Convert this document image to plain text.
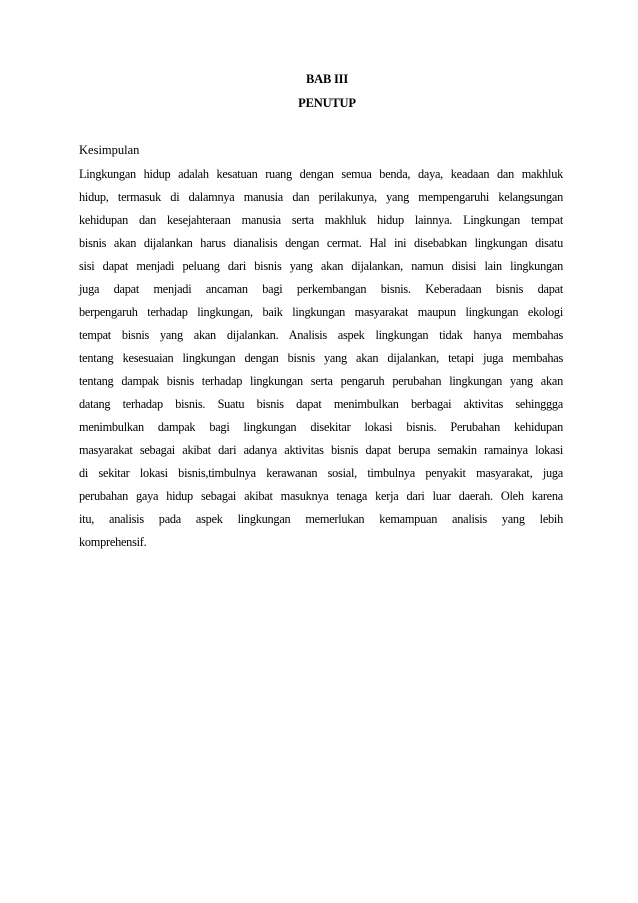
BAB III
PENUTUP
Kesimpulan
Lingkungan hidup adalah kesatuan ruang dengan semua benda, daya, keadaan dan makhluk
hidup, termasuk di dalamnya manusia dan perilakunya, yang mempengaruhi kelangsungan
kehidupan dan kesejahteraan manusia serta makhluk hidup lainnya. Lingkungan tempat
bisnis akan dijalankan harus dianalisis dengan cermat. Hal ini disebabkan lingkungan disatu
sisi dapat menjadi peluang dari bisnis yang akan dijalankan, namun disisi lain lingkungan
juga dapat menjadi ancaman bagi perkembangan bisnis. Keberadaan bisnis dapat
berpengaruh terhadap lingkungan, baik lingkungan masyarakat maupun lingkungan ekologi
tempat bisnis yang akan dijalankan. Analisis aspek lingkungan tidak hanya membahas
tentang kesesuaian lingkungan dengan bisnis yang akan dijalankan, tetapi juga membahas
tentang dampak bisnis terhadap lingkungan serta pengaruh perubahan lingkungan yang akan
datang terhadap bisnis. Suatu bisnis dapat menimbulkan berbagai aktivitas sehinggga
menimbulkan dampak bagi lingkungan disekitar lokasi bisnis. Perubahan kehidupan
masyarakat sebagai akibat dari adanya aktivitas bisnis dapat berupa semakin ramainya lokasi
di sekitar lokasi bisnis,timbulnya kerawanan sosial, timbulnya penyakit masyarakat, juga
perubahan gaya hidup sebagai akibat masuknya tenaga kerja dari luar daerah. Oleh karena
itu, analisis pada aspek lingkungan memerlukan kemampuan analisis yang lebih
komprehensif.
